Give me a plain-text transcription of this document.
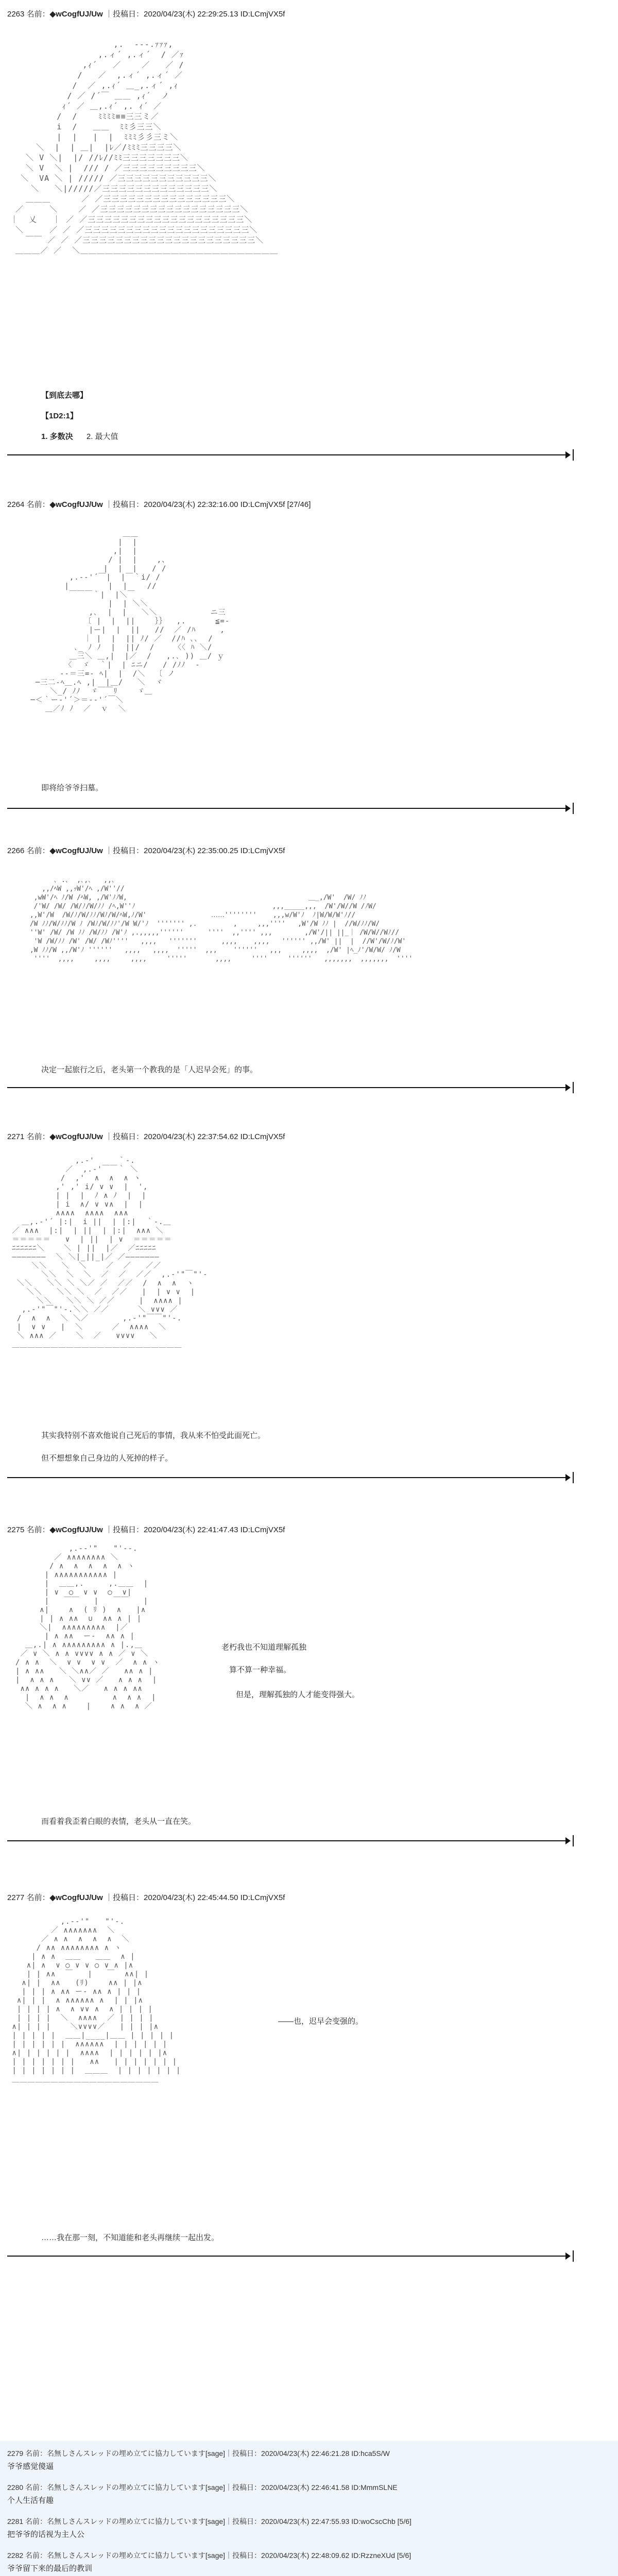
2263 名前：◆wCogfUJ/Uw ｜投稿日：2020/04/23(木) 22:29:25.13 ID:LCmjVX5f
,.  --‐.ｧｧｧ,
,.ィ´ ,.ィ´  / ／ｧ
,ｨ´   ／    ／   ／ /
/   ／  ,.ィ´ ,.ィ´ ／
/  ／ ,.ｨ´ ＿_,.ィ´ ,ｨ
/ ／ /´￣ ＿＿ ,ｨ´  ノ
ｨ´ ／ ＿,.ｨ´ ,. ｨ´ ／
/  /    ﾐﾐﾐﾐ≡≡三三ミ／
i  /   ＿＿  ﾐﾐ彡三三＼
|  |   |  |  ﾐﾐﾐ彡彡三ミ＼
＼  |  | ＿|  |ﾚ／/ﾐﾐﾐ三三三三＼
＼ V ＼|  |/ //ﾚ//ﾐﾐ三三三三三三三＼
＼ V  ＼ |  /// / ／三三三三三三三三三＼
＼  VA ＼ | ///// ／三三三三三三三三三三三＼
＼   ＼|/////／三三三三三三三三三三三三三＼
＿＿＿      ／ ／三三三三三三三三三三三三三三三＼
／     ＼    ／ ／三三三三三三三三三三三三三三三三三＼
｜  乂   ｜ ／ ／三三三三三三三三三三三三三三三三三三三＼
＼     ／ ／ ／三三三三三三三三三三三三三三三三三三三三＼
￣￣ ／ ／ ／三三三三三三三三三三三三三三三三三三三三三＼
＿＿＿／ ／  ＼＿＿＿＿＿＿＿＿＿＿＿＿＿＿＿＿＿＿＿＿＿＿＿＿
【到底去哪】
【1D2:1】
1. 多数决 2. 最大值
2264 名前：◆wCogfUJ/Uw ｜投稿日：2020/04/23(木) 22:32:16.00 ID:LCmjVX5f [27/46]
＿＿
|  |
,|  |
/ |  |    ,、
|  |  |   / /
,.-‐'´￣|  |￣｀i/ /
|        |  |    //
￣￣￣｀|  |＼￣
|  | ＼＼
,､  |  |   ＼＼           ニ三
〔 |  |  ||    ｝｝  ,.      ≦=-
|ー|  |  ||   //  ／ /ﾊ     ,
｜ |  |  || ﾉ/ ／  //ﾊ ､､  /
､_ ﾉ ﾉ  |  ||/  /    〈〈 ﾊ ＼/
＿三＼ ＿,|  |／  /   ,.､ )) ＿/ ｙ
〈  ゞ  ｀|  | ﾆニ/   / /ﾉﾉ  ‐
‐-＝三=‐ ﾍ|  |  /＼  〔 ノ
─三二‐ﾍ＿.ﾍ ,|  |＿/   ＼  ヾ
＼_/ ﾉﾉ  ゞ￣￣ﾘ    ゞ＿
─＜｀ー‐'´＞＝-‐'´￣＼
＿／ﾉ ﾉ  ／  ｖ  ＼
即将给爷爷扫墓。
2266 名前：◆wCogfUJ/Uw ｜投稿日：2020/04/23(木) 22:35:00.25 ID:LCmjVX5f
､ .､  ,､,､   ,,､
,,/ﾍW ,,ｯW'/ﾍ ,/W''//
,wW'/ﾍ ﾉ/W /ﾍW, ,/W'ﾉﾉW,                                             ＿_,/W'  /W/ ﾉﾉ
/'W/ /W/ /W/ﾉ/W/ﾉﾉ /ﾍ,W''ﾉ                                  ,,,_____,,,  /W'/W//W /ﾉW/
,,W'/W  /W/ﾉ/W/ﾉﾉ/Wﾉ/W/ﾍW,ﾉ/W'                ‥‥‥''''''''    ,,,w/W'ﾉ  ﾉ|W/W/W'ﾉ//
/W ﾉﾉ/W/ﾉﾉ/W ﾉ /Wﾉ/W/ﾉﾉ'/W W/'ﾉ  ''''''' ,.         ,     ,,,''''   ,W'/W ﾉﾉ |  //W/ﾉﾉ/W/
''W' /W/ /W ﾉﾉ /W/ﾉﾉ /W'ﾉ ,.,,,,,''''''      ''''  ,,'''' ,,,        ,/W'/|| ||_｜ /W/W//Wﾉ//
'W /W/ﾉﾉ /W' /W/ /Wﾉ''''   ,,,,   '''''''      ,,,,    ,,,,   '''''' ,,/W' ||  |  //W'/W/ﾉ/W'
,W ﾉﾉ/W ,,/W'ﾉ ''''''   ,,,,   ,,,,  '''''  ,,,    ''''''   ,,,     ,,,,  ,/W' |ﾍ_ﾉ'/W/W/ ﾉ/W
''''  ,,,,     ,,,,     ,,,,     '''''       ,,,,     ''''     ''''''   ,,,,,,,  ,,,,,,,  ''''
决定一起旅行之后，老头第一个教我的是「人迟早会死」的事。
2271 名前：◆wCogfUJ/Uw ｜投稿日：2020/04/23(木) 22:37:54.62 ID:LCmjVX5f
,.‐'￣￣￣｀‐.
／  ,.‐'￣￣｀ ＼
/  ,'  ∧  ∧  ∧ ヽ
,' ,' i/ ∨ ∨  |  ',
| |  |  ﾉ ∧ ﾉ  |  |
| i  ∧/ ∨ ∨∧  |  |
∧∧∧∧  ∧∧∧∧  ∧∧∧
＿,.‐'´ |:|  i ||  | |:|  ｀‐.＿
／ ∧∧∧  |:|  | ||  | |:|  ∧∧∧ ＼
＝＝＝＝＝   ∨  | ||  | ∨  ＝＝＝＝＝
ﾆﾆﾆﾆﾆﾆ＼    ＼ | ||  |／  ／ﾆﾆﾆﾆﾆ
―――――――  ＼ ＼|_||_|／ ／―――――――
＼＼   ＼  ＼    ／  ／   ／／
＼＼  ＼  ＼  ／  ／  ／／  ,.-'"￣"'‐
＼＼   ＼＼ ＼ ＼／ ／  ／／  /  ∧  ∧  ヽ
＼＼   ＼＼ ＼  ／  ／／   |  | ∨ ∨  |
＼＼   ＼＼ ＼ ／／     |  ∧∧∧∧ |
,.-'"￣"'-.＼＼ ／／      ＼ ∨∨∨ ／
/  ∧  ∧  ＼ ＼／       ,.-'"￣￣"'‐.
|  ∨ ∨   |  ＼      ／  ∧∧∧∧  ＼
＼ ∧∧∧ ／    ＼  ／   ∨∨∨∨   ＼
＿＿＿＿＿＿＿＿＿＿＿＿＿＿＿＿＿＿＿＿＿＿
其实我特别不喜欢他说自己死后的事情，我从来不怕受此面死亡。
但不想想象自己身边的人死掉的样子。
2275 名前：◆wCogfUJ/Uw ｜投稿日：2020/04/23(木) 22:41:47.43 ID:LCmjVX5f
,.-‐'"￣￣"'‐-.
／ ∧∧∧∧∧∧∧∧ ＼
/ ∧  ∧  ∧  ∧  ∧ ヽ
| ∧∧∧∧∧∧∧∧∧∧∧ |
|  ＿＿,.     ,.＿＿  |
| ∨  ○  ∨ ∨  ○  ∨|
|   ￣￣   |   ￣￣   |
∧|    ∧  ( ﾘ )  ∧   |∧
| | ∧ ∧∧  ∪  ∧∧ ∧ | |
＼|  ∧∧∧∧∧∧∧∧∧  |／
| ∧ ∧∧  ー‐  ∧∧ ∧ |
＿,.| ∧ ∧∧∧∧∧∧∧∧∧ ∧ |.,＿
／ ∨ ＼ ∧ ∧ ∨∨∨∨ ∧ ∧ ／ ∨ ＼
/ ∧ ∧  ＼  ∨ ∨  ∨ ∨  ／  ∧ ∧ ヽ
| ∧ ∧∧   ＼ ＼∧∧／ ／   ∧∧ ∧ |
|  ∧ ∧ ∧   ＼ ∨∨ ／   ∧ ∧ ∧  |
∧∧ ∧ ∧ ∧   ＼／   ∧ ∧ ∧ ∧∧
|  ∧ ∧  ∧         ∧  ∧ ∧  |
＼ ∧  ∧ ∧    |    ∧ ∧  ∧ ／
老朽我也不知道理解孤独
算不算一种幸福。
但是，理解孤独的人才能变得强大。
而看着我歪着白眼的表情，老头从一直在笑。
2277 名前：◆wCogfUJ/Uw ｜投稿日：2020/04/23(木) 22:45:44.50 ID:LCmjVX5f
,.-‐'"￣￣"'‐.
／ ∧∧∧∧∧∧∧  ＼
／ ∧ ∧  ∧  ∧  ∧  ＼
/ ∧∧ ∧∧∧∧∧∧∧∧ ∧ ヽ
| ∧ ∧  ＿＿   ＿＿  ∧ |
∧| ∧  ∨ ○ ∨ ∨ ○ ∨ ∧ |∧
| | ∧∧  ￣   |   ￣  ∧∧| |
∧| |  ∧∧   (ﾘ)    ∧∧ | |∧
| | | ∧ ∧∧ ー‐ ∧∧ ∧ | | |
∧| | |  ∧ ∧∧∧∧∧∧ ∧  | | |∧
| | | | ∧  ∧ ∨∨ ∧  ∧ | | | |
| | | |  ＼  ∧∧∧∧  ／ | | | |
∧| | | |    ＼∨∨∨∨／   | | | |∧
| | | | |  ＿＿|____|＿＿ | | | | |
| | | | | |  ∧∧∧∧∧∧  | | | | | |
∧| | | | | |  ∧∧∧∧  | | | | | |∧
| | | | | | |   ∧∧   | | | | | | |
| | | | | | |  ＿＿＿  | | | | | | |
＿＿＿＿＿＿＿＿＿＿＿＿＿＿＿＿＿＿＿
——也，迟早会变强的。
……我在那一刻，不知道能和老头再继续一起出发。
2279 名前：名無しさんスレッドの埋め立てに協力しています[sage]｜投稿日：2020/04/23(木) 22:46:21.28 ID:hca5S/W
爷爷感觉傻逼
2280 名前：名無しさんスレッドの埋め立てに協力しています[sage]｜投稿日：2020/04/23(木) 22:46:41.58 ID:MmmSLNE
个人生活有趣
2281 名前：名無しさんスレッドの埋め立てに協力しています[sage]｜投稿日：2020/04/23(木) 22:47:55.93 ID:woCscChb [5/6]
把爷爷的话视为主人公
2282 名前：名無しさんスレッドの埋め立てに協力しています[sage]｜投稿日：2020/04/23(木) 22:48:09.62 ID:RzzneXUd [5/6]
爷爷留下来的最后的教训
